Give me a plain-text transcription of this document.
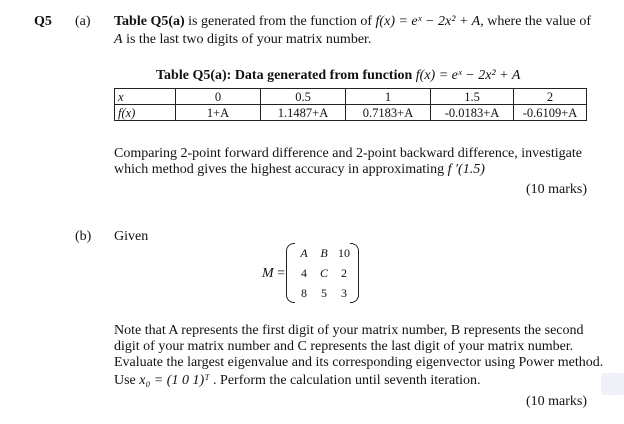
Q5 (a) Table Q5(a) is generated from the function of f(x) = eˣ − 2x² + A, where the value of
A is the last two digits of your matrix number.
Table Q5(a): Data generated from function f(x) = eˣ − 2x² + A
x	0	0.5	1	1.5	2
f(x)	1+A	1.1487+A	0.7183+A	-0.0183+A	-0.6109+A
Comparing 2-point forward difference and 2-point backward difference, investigate
which method gives the highest accuracy in approximating f ′(1.5)
(10 marks)
(b) Given
M =
A	B 10
4	C	2
8	5	3
Note that A represents the first digit of your matrix number, B represents the second
digit of your matrix number and C represents the last digit of your matrix number.
Evaluate the largest eigenvalue and its corresponding eigenvector using Power method.
Use x₀ = (1 0 1)ᵀ . Perform the calculation until seventh iteration.
(10 marks)
